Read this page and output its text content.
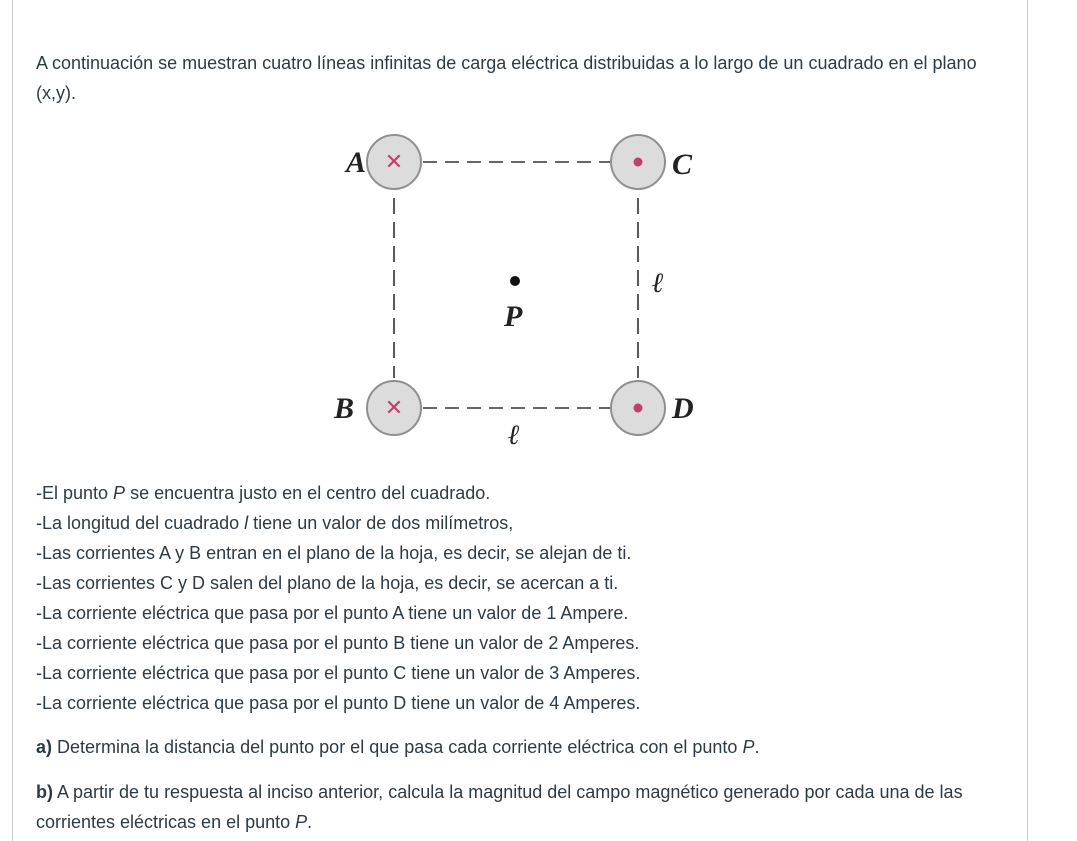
A continuación se muestran cuatro líneas infinitas de carga eléctrica distribuidas a lo largo de un cuadrado en el plano (x,y).

✕
✕
A
B
C
D
P
ℓ
ℓ
-El punto P se encuentra justo en el centro del cuadrado.
-La longitud del cuadrado l tiene un valor de dos milímetros,
-Las corrientes A y B entran en el plano de la hoja, es decir, se alejan de ti.
-Las corrientes C y D salen del plano de la hoja, es decir, se acercan a ti.
-La corriente eléctrica que pasa por el punto A tiene un valor de 1 Ampere.
-La corriente eléctrica que pasa por el punto B tiene un valor de 2 Amperes.
-La corriente eléctrica que pasa por el punto C tiene un valor de 3 Amperes.
-La corriente eléctrica que pasa por el punto D tiene un valor de 4 Amperes.

a) Determina la distancia del punto por el que pasa cada corriente eléctrica con el punto P.

b) A partir de tu respuesta al inciso anterior, calcula la magnitud del campo magnético generado por cada una de las corrientes eléctricas en el punto P.
